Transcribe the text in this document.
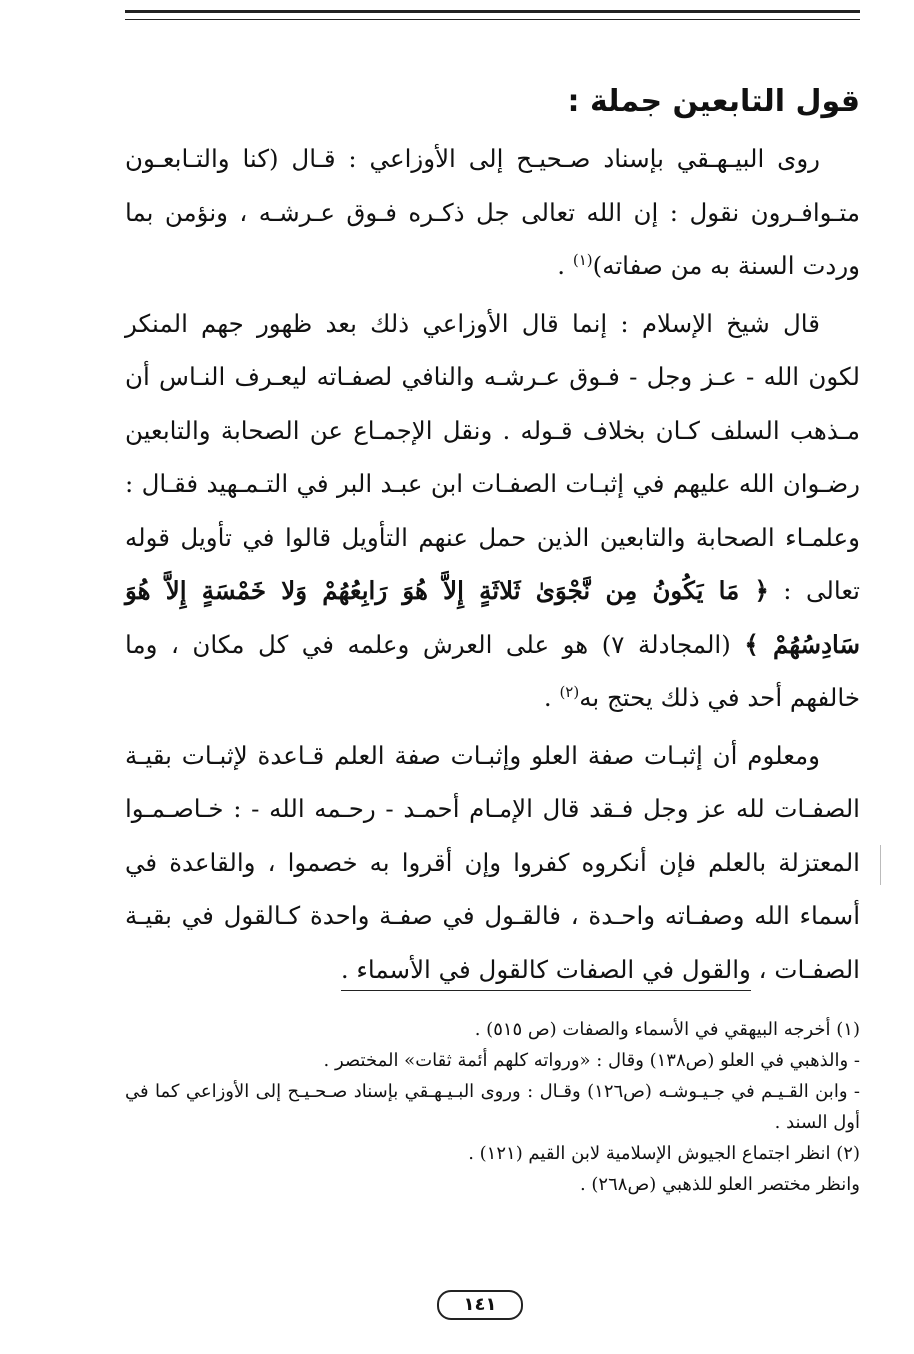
قول التابعين جملة :

روى البيـهـقي بإسناد صـحيـح إلى الأوزاعي : قـال (كنا والتـابعـون متـوافـرون نقول : إن الله تعالى جل ذكـره فـوق عـرشـه ، ونؤمن بما وردت السنة به من صفاته)$^{(١)}$ .

قال شيخ الإسلام : إنما قال الأوزاعي ذلك بعد ظهور جهم المنكر لكون الله - عـز وجل - فـوق عـرشـه والنافي لصفـاته ليعـرف النـاس أن مـذهب السلف كـان بخلاف قـوله . ونقل الإجمـاع عن الصحابة والتابعين رضـوان الله عليهم في إثبـات الصفـات ابن عبـد البر في التـمـهيد فقـال : وعلمـاء الصحابة والتابعين الذين حمل عنهم التأويل قالوا في تأويل قوله تعالى : ﴿ مَا يَكُونُ مِن نَّجْوَىٰ ثَلاثَةٍ إِلاَّ هُوَ رَابِعُهُمْ وَلا خَمْسَةٍ إِلاَّ هُوَ سَادِسُهُمْ ﴾ (المجادلة ٧) هو على العرش وعلمه في كل مكان ، وما خالفهم أحد في ذلك يحتج به$^{(٢)}$ .

ومعلوم أن إثبـات صفة العلو وإثبـات صفة العلم قـاعدة لإثبـات بقيـة الصفـات لله عز وجل فـقد قال الإمـام أحمـد - رحـمه الله - : خـاصـمـوا المعتزلة بالعلم فإن أنكروه كفروا وإن أقروا به خصموا ، والقاعدة في أسماء الله وصفـاته واحـدة ، فالقـول في صفـة واحدة كـالقول في بقيـة الصفـات ، والقول في الصفات كالقول في الأسماء .

(١) أخرجه البيهقي في الأسماء والصفات (ص ٥١٥) .

- والذهبي في العلو (ص١٣٨) وقال : «ورواته كلهم أئمة ثقات» المختصر .

- وابن القـيـم في جـيـوشـه (ص١٢٦) وقـال : وروى البـيـهـقي بإسناد صـحـيـح إلى الأوزاعي كما في أول السند .

(٢) انظر اجتماع الجيوش الإسلامية لابن القيم (١٢١) .

وانظر مختصر العلو للذهبي (ص٢٦٨) .

١٤١
